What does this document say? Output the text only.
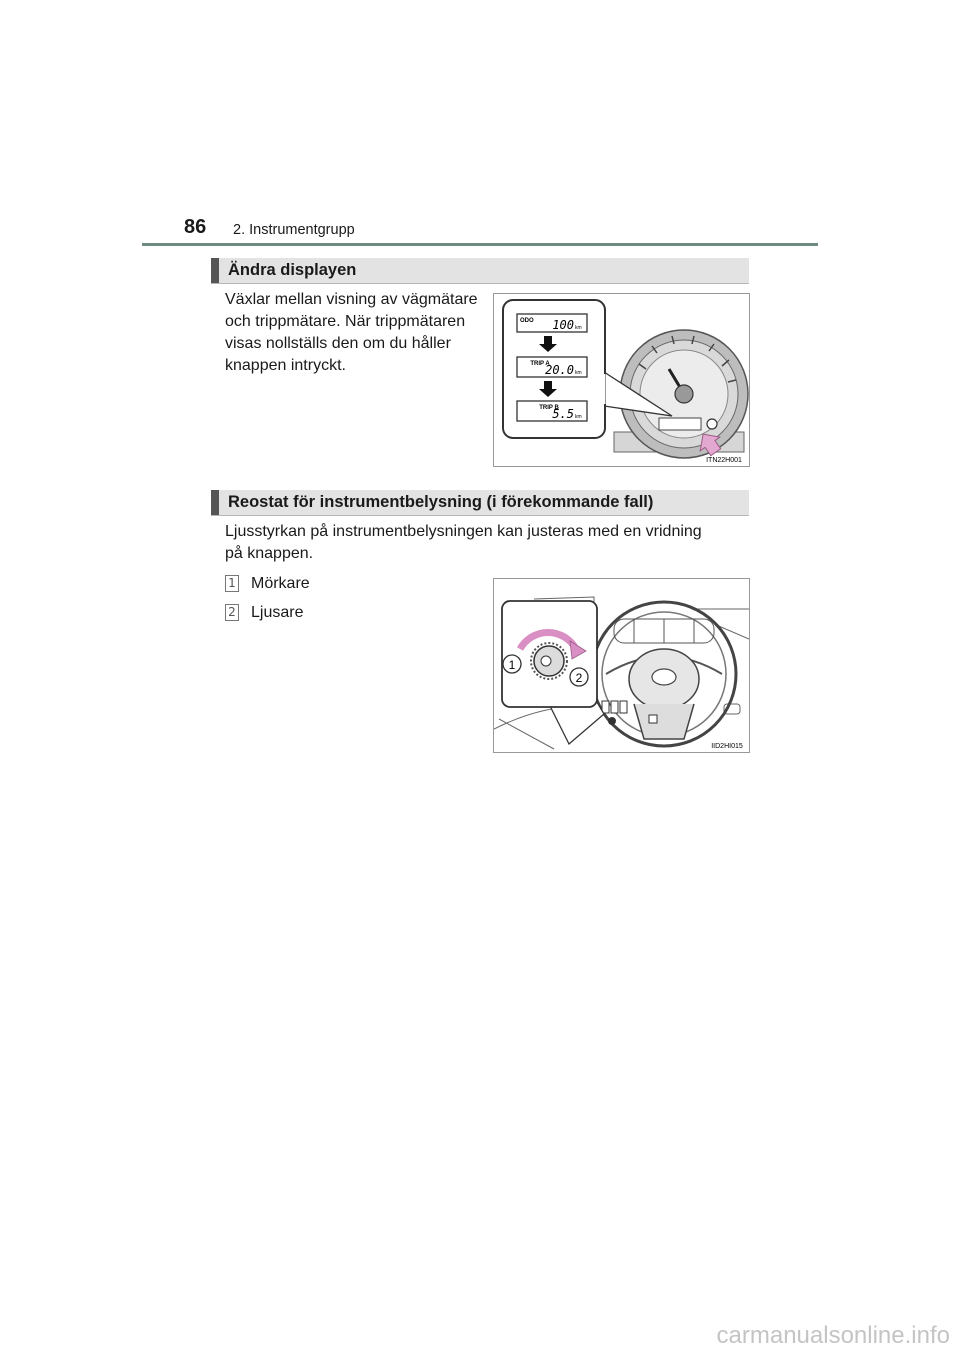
86 2. Instrumentgrupp
Ändra displayen
Växlar mellan visning av vägmätare
och trippmätare. När trippmätaren
visas nollställs den om du håller
knappen intryckt.
ODO 100 km
TRIP A
20.0 km
TRIP B
5.5 km
ITN22H001
Reostat för instrumentbelysning (i förekommande fall)
Ljusstyrkan på instrumentbelysningen kan justeras med en vridning
på knappen.
1 Mörkare
2 Ljusare
1
2
IID2HI015
carmanualsonline.info
